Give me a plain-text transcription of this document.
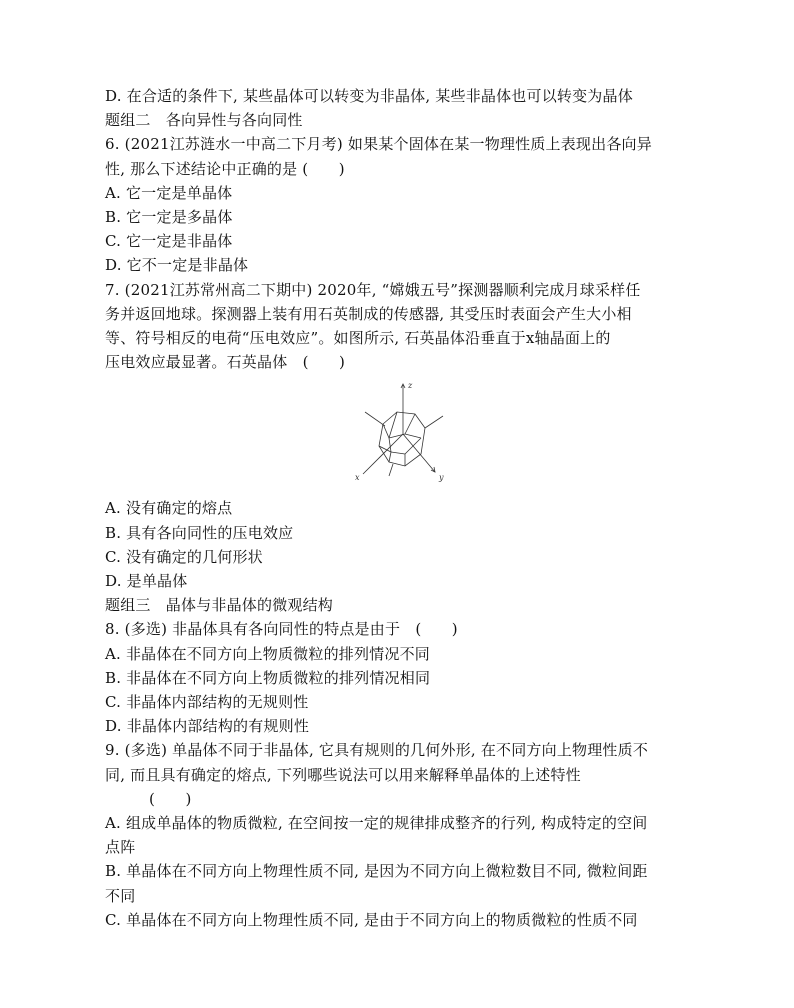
D. 在合适的条件下, 某些晶体可以转变为非晶体, 某些非晶体也可以转变为晶体
题组二　各向异性与各向同性
6. (2021江苏涟水一中高二下月考) 如果某个固体在某一物理性质上表现出各向异
性, 那么下述结论中正确的是 (　　)
A. 它一定是单晶体
B. 它一定是多晶体
C. 它一定是非晶体
D. 它不一定是非晶体
7. (2021江苏常州高二下期中) 2020年, “嫦娥五号”探测器顺利完成月球采样任
务并返回地球。探测器上装有用石英制成的传感器, 其受压时表面会产生大小相
等、符号相反的电荷“压电效应”。如图所示, 石英晶体沿垂直于x轴晶面上的
压电效应最显著。石英晶体　(　　)
z
x	y
A. 没有确定的熔点
B. 具有各向同性的压电效应
C. 没有确定的几何形状
D. 是单晶体
题组三　晶体与非晶体的微观结构
8. (多选) 非晶体具有各向同性的特点是由于　(　　)
A. 非晶体在不同方向上物质微粒的排列情况不同
B. 非晶体在不同方向上物质微粒的排列情况相同
C. 非晶体内部结构的无规则性
D. 非晶体内部结构的有规则性
9. (多选) 单晶体不同于非晶体, 它具有规则的几何外形, 在不同方向上物理性质不
同, 而且具有确定的熔点, 下列哪些说法可以用来解释单晶体的上述特性
(　　)
A. 组成单晶体的物质微粒, 在空间按一定的规律排成整齐的行列, 构成特定的空间
点阵
B. 单晶体在不同方向上物理性质不同, 是因为不同方向上微粒数目不同, 微粒间距
不同
C. 单晶体在不同方向上物理性质不同, 是由于不同方向上的物质微粒的性质不同
